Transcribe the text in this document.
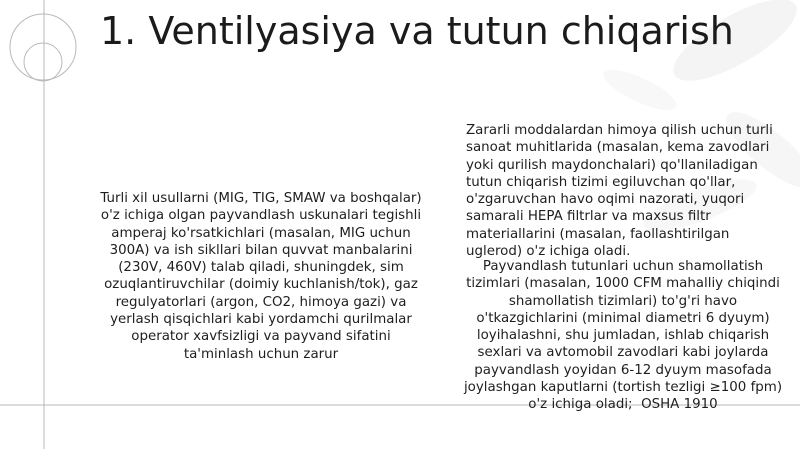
1. Ventilyasiya va tutun chiqarish

Turli xil usullarni (MIG, TIG, SMAW va boshqalar) o'z ichiga olgan payvandlash uskunalari tegishli amperaj ko'rsatkichlari (masalan, MIG uchun 300A) va ish sikllari bilan quvvat manbalarini (230V, 460V) talab qiladi, shuningdek, sim ozuqlantiruvchilar (doimiy kuchlanish/tok), gaz regulyatorlari (argon, CO2, himoya gazi) va yerlash qisqichlari kabi yordamchi qurilmalar operator xavfsizligi va payvand sifatini ta'minlash uchun zarur

Zararli moddalardan himoya qilish uchun turli sanoat muhitlarida (masalan, kema zavodlari yoki qurilish maydonchalari) qo'llaniladigan tutun chiqarish tizimi egiluvchan qo'llar, o'zgaruvchan havo oqimi nazorati, yuqori samarali HEPA filtrlar va maxsus filtr materiallarini (masalan, faollashtirilgan uglerod) o'z ichiga oladi.

Payvandlash tutunlari uchun shamollatish tizimlari (masalan, 1000 CFM mahalliy chiqindi shamollatish tizimlari) to'g'ri havo o'tkazgichlarini (minimal diametri 6 dyuym) loyihalashni, shu jumladan, ishlab chiqarish sexlari va avtomobil zavodlari kabi joylarda payvandlash yoyidan 6-12 dyuym masofada joylashgan kaputlarni (tortish tezligi ≥100 fpm) o'z ichiga oladi;  OSHA 1910
